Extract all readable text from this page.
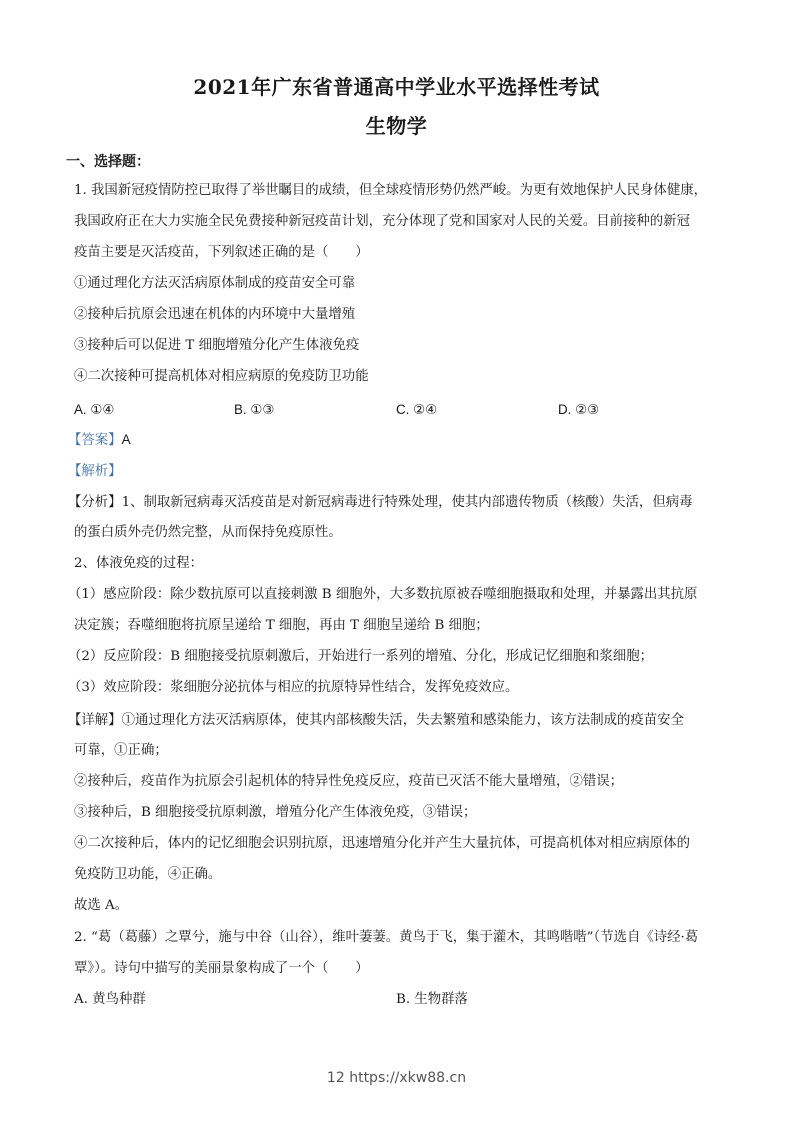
2021年广东省普通高中学业水平选择性考试
生物学
一、选择题：
1. 我国新冠疫情防控已取得了举世瞩目的成绩，但全球疫情形势仍然严峻。为更有效地保护人民身体健康，
我国政府正在大力实施全民免费接种新冠疫苗计划，充分体现了党和国家对人民的关爱。目前接种的新冠
疫苗主要是灭活疫苗，下列叙述正确的是（　　）
①通过理化方法灭活病原体制成的疫苗安全可靠
②接种后抗原会迅速在机体的内环境中大量增殖
③接种后可以促进 T 细胞增殖分化产生体液免疫
④二次接种可提高机体对相应病原的免疫防卫功能
A. ①④	B. ①③	C. ②④	D. ②③
【答案】A
【解析】
【分析】1、制取新冠病毒灭活疫苗是对新冠病毒进行特殊处理，使其内部遗传物质（核酸）失活，但病毒
的蛋白质外壳仍然完整，从而保持免疫原性。
2、体液免疫的过程：
（1）感应阶段：除少数抗原可以直接刺激 B 细胞外，大多数抗原被吞噬细胞摄取和处理，并暴露出其抗原
决定簇；吞噬细胞将抗原呈递给 T 细胞，再由 T 细胞呈递给 B 细胞；
（2）反应阶段：B 细胞接受抗原刺激后，开始进行一系列的增殖、分化，形成记忆细胞和浆细胞；
（3）效应阶段：浆细胞分泌抗体与相应的抗原特异性结合，发挥免疫效应。
【详解】①通过理化方法灭活病原体，使其内部核酸失活，失去繁殖和感染能力，该方法制成的疫苗安全
可靠，①正确；
②接种后，疫苗作为抗原会引起机体的特异性免疫反应，疫苗已灭活不能大量增殖，②错误；
③接种后，B 细胞接受抗原刺激，增殖分化产生体液免疫，③错误；
④二次接种后，体内的记忆细胞会识别抗原，迅速增殖分化并产生大量抗体，可提高机体对相应病原体的
免疫防卫功能，④正确。
故选 A。
2. “葛（葛藤）之覃兮，施与中谷（山谷），维叶萋萋。黄鸟于飞，集于灌木，其鸣喈喈”（节选自《诗经·葛
覃》）。诗句中描写的美丽景象构成了一个（　　）
A. 黄鸟种群	B. 生物群落
12 https://xkw88.cn
